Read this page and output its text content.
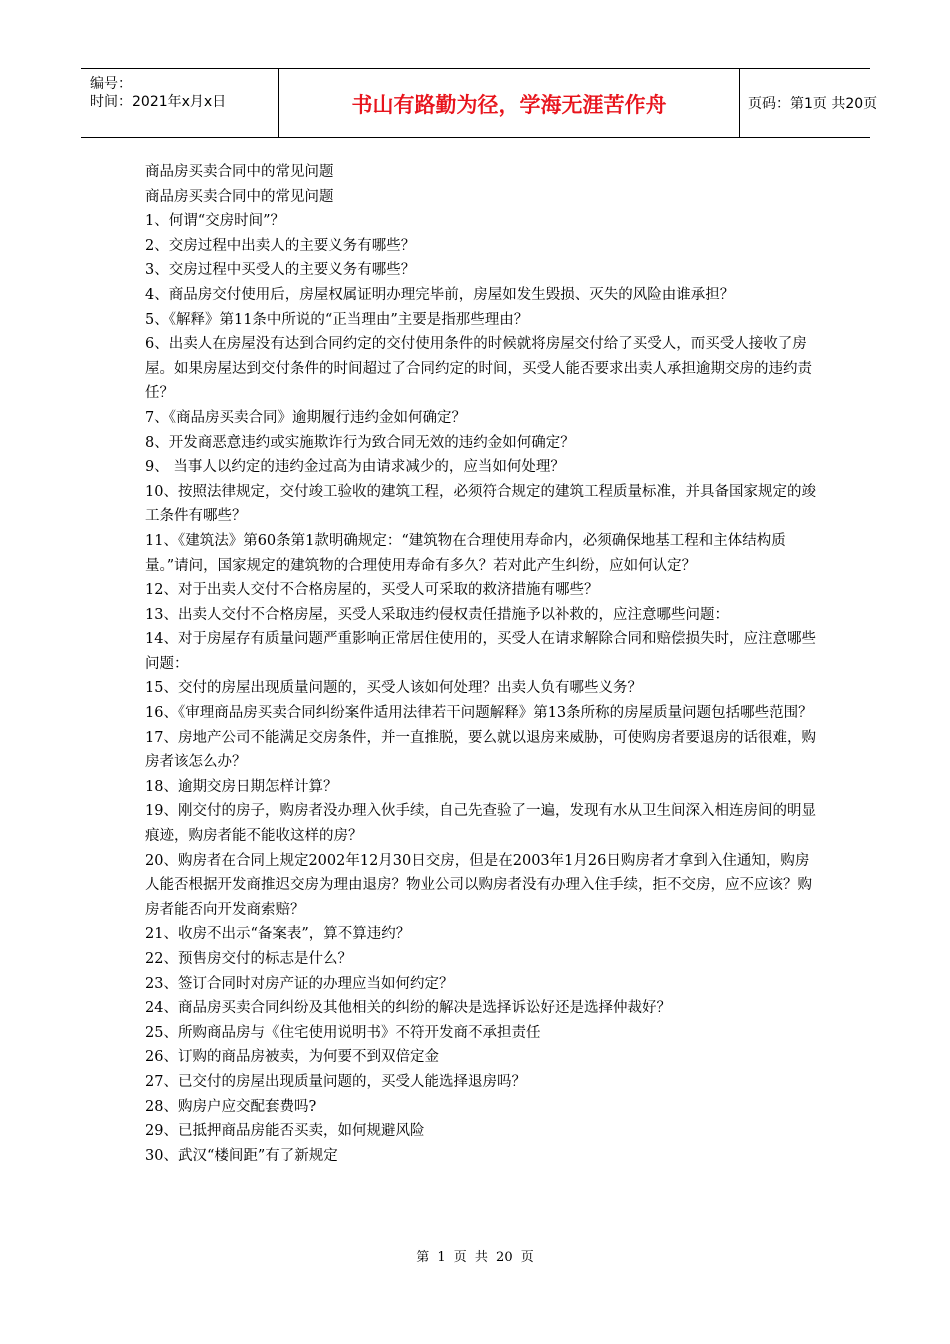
编号：
时间：2021年x月x日	书山有路勤为径，学海无涯苦作舟	页码：第1页 共20页

商品房买卖合同中的常见问题

商品房买卖合同中的常见问题

1、何谓“交房时间”？

2、交房过程中出卖人的主要义务有哪些？

3、交房过程中买受人的主要义务有哪些？

4、商品房交付使用后，房屋权属证明办理完毕前，房屋如发生毁损、灭失的风险由谁承担？

5、《解释》第11条中所说的“正当理由”主要是指那些理由？

6、出卖人在房屋没有达到合同约定的交付使用条件的时候就将房屋交付给了买受人，而买受人接收了房屋。如果房屋达到交付条件的时间超过了合同约定的时间，买受人能否要求出卖人承担逾期交房的违约责任？

7、《商品房买卖合同》逾期履行违约金如何确定？

8、开发商恶意违约或实施欺诈行为致合同无效的违约金如何确定？

9、 当事人以约定的违约金过高为由请求减少的，应当如何处理？

10、按照法律规定，交付竣工验收的建筑工程，必须符合规定的建筑工程质量标准，并具备国家规定的竣工条件有哪些？

11、《建筑法》第60条第1款明确规定：“建筑物在合理使用寿命内，必须确保地基工程和主体结构质量。”请问，国家规定的建筑物的合理使用寿命有多久？若对此产生纠纷，应如何认定？

12、对于出卖人交付不合格房屋的，买受人可采取的救济措施有哪些？

13、出卖人交付不合格房屋，买受人采取违约侵权责任措施予以补救的，应注意哪些问题：

14、对于房屋存有质量问题严重影响正常居住使用的，买受人在请求解除合同和赔偿损失时，应注意哪些问题：

15、交付的房屋出现质量问题的，买受人该如何处理？出卖人负有哪些义务？

16、《审理商品房买卖合同纠纷案件适用法律若干问题解释》第13条所称的房屋质量问题包括哪些范围？

17、房地产公司不能满足交房条件，并一直推脱，要么就以退房来威胁，可使购房者要退房的话很难，购房者该怎么办？

18、逾期交房日期怎样计算？

19、刚交付的房子，购房者没办理入伙手续，自己先查验了一遍，发现有水从卫生间深入相连房间的明显痕迹，购房者能不能收这样的房？

20、购房者在合同上规定2002年12月30日交房，但是在2003年1月26日购房者才拿到入住通知，购房人能否根据开发商推迟交房为理由退房？物业公司以购房者没有办理入住手续，拒不交房，应不应该？购房者能否向开发商索赔？

21、收房不出示“备案表”，算不算违约？

22、预售房交付的标志是什么？

23、签订合同时对房产证的办理应当如何约定？

24、商品房买卖合同纠纷及其他相关的纠纷的解决是选择诉讼好还是选择仲裁好？

25、所购商品房与《住宅使用说明书》不符开发商不承担责任

26、订购的商品房被卖，为何要不到双倍定金

27、已交付的房屋出现质量问题的，买受人能选择退房吗？

28、购房户应交配套费吗?

29、已抵押商品房能否买卖，如何规避风险

30、武汉“楼间距”有了新规定

第 1 页 共 20 页
